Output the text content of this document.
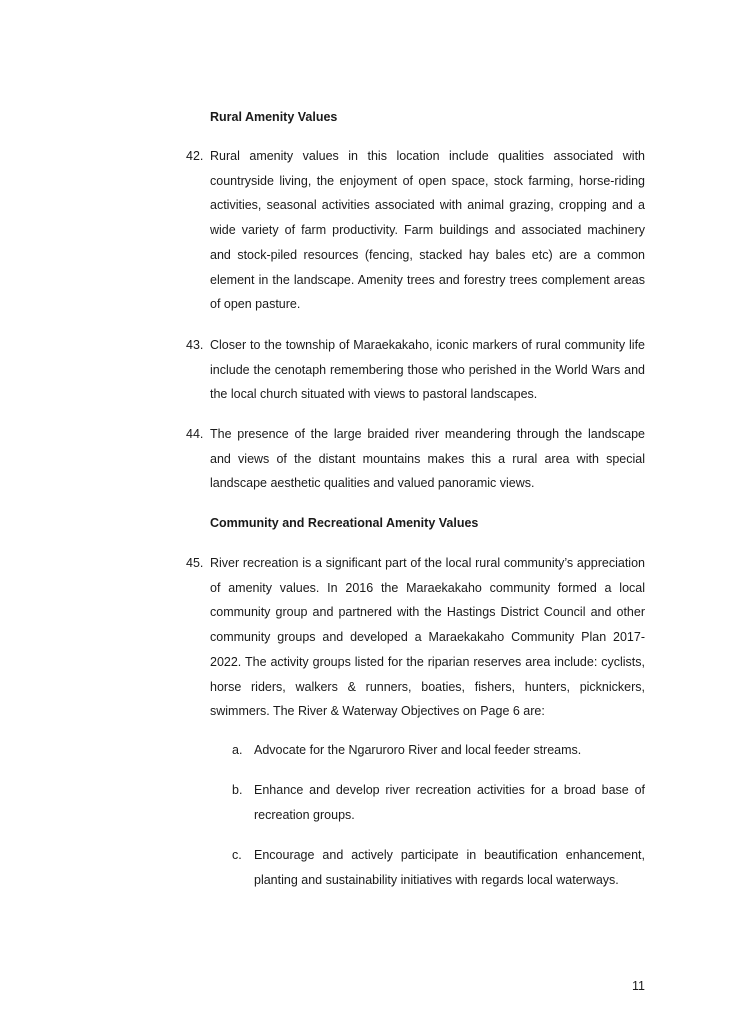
Rural Amenity Values
42. Rural amenity values in this location include qualities associated with countryside living, the enjoyment of open space, stock farming, horse-riding activities, seasonal activities associated with animal grazing, cropping and a wide variety of farm productivity. Farm buildings and associated machinery and stock-piled resources (fencing, stacked hay bales etc) are a common element in the landscape. Amenity trees and forestry trees complement areas of open pasture.
43. Closer to the township of Maraekakaho, iconic markers of rural community life include the cenotaph remembering those who perished in the World Wars and the local church situated with views to pastoral landscapes.
44. The presence of the large braided river meandering through the landscape and views of the distant mountains makes this a rural area with special landscape aesthetic qualities and valued panoramic views.
Community and Recreational Amenity Values
45. River recreation is a significant part of the local rural community’s appreciation of amenity values. In 2016 the Maraekakaho community formed a local community group and partnered with the Hastings District Council and other community groups and developed a Maraekakaho Community Plan 2017-2022. The activity groups listed for the riparian reserves area include: cyclists, horse riders, walkers & runners, boaties, fishers, hunters, picknickers, swimmers. The River & Waterway Objectives on Page 6 are:
a. Advocate for the Ngaruroro River and local feeder streams.
b. Enhance and develop river recreation activities for a broad base of recreation groups.
c. Encourage and actively participate in beautification enhancement, planting and sustainability initiatives with regards local waterways.
11
